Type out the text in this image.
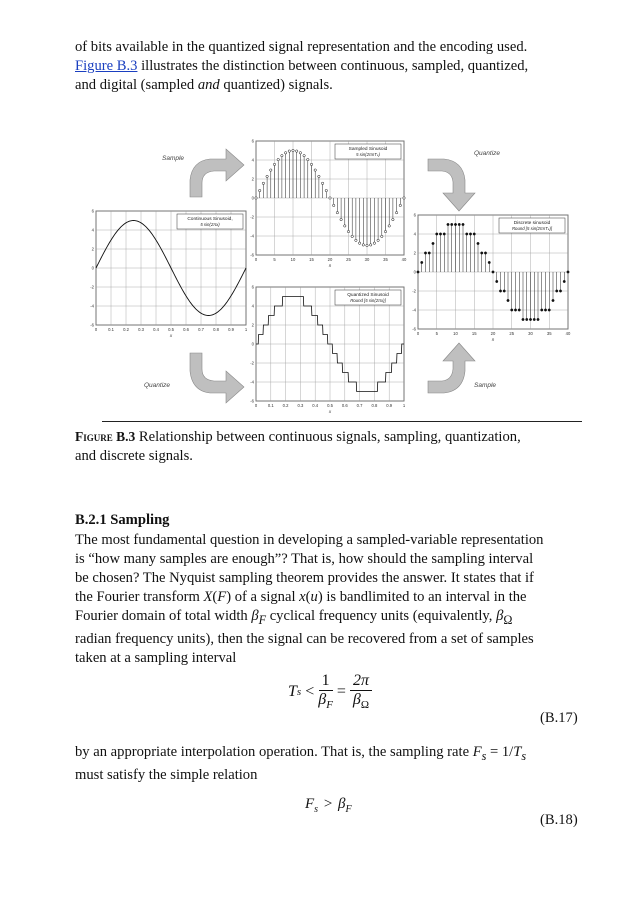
of bits available in the quantized signal representation and the encoding used.
Figure B.3 illustrates the distinction between continuous, sampled, quantized,
and digital (sampled and quantized) signals.

Sample
Quantize
Quantize	Sample
0	0.1 0.2 0.3 0.4 0.5 0.6 0.7 0.8 0.9	1
6
4
2
0
-2
-4
-6
x
Continuous Sinusoid,
5 sin(2πx)
0	5	10	15	20	25	30	35	40
6
4
2
0
-2
-4
-6
n
Sampled Sinusoid
5 sin(2πnTₛ)
0	0.1 0.2 0.3 0.4 0.5 0.6 0.7 0.8 0.9	1
6
4
2
0
-2
-4
-6
x
Quantized Sinusoid
Round [5 sin(2πx)]
0	5	10	15	20	25	30	35	40
6
4
2
0
-2
-4
-6
n
Discrete sinusoid
Round [5 sin(2πnTₛ)]
Figure B.3 Relationship between continuous signals, sampling, quantization,
and discrete signals.
B.2.1 Sampling

The most fundamental question in developing a sampled-variable representation
is “how many samples are enough”? That is, how should the sampling interval
be chosen? The Nyquist sampling theorem provides the answer. It states that if
the Fourier transform X(F) of a signal x(u) is bandlimited to an interval in the
Fourier domain of total width $\beta_F$ cyclical frequency units (equivalently, $\beta_\Omega$
radian frequency units), then the signal can be recovered from a set of samples
taken at a sampling interval

T $s < \frac{1}{\beta_F} = \frac{2\pi}{\beta_\Omega}$
(B.17)

by an appropriate interpolation operation. That is, the sampling rate $F_s = 1/T_s$
must satisfy the simple relation

$F_s > \beta_F$
(B.18)
